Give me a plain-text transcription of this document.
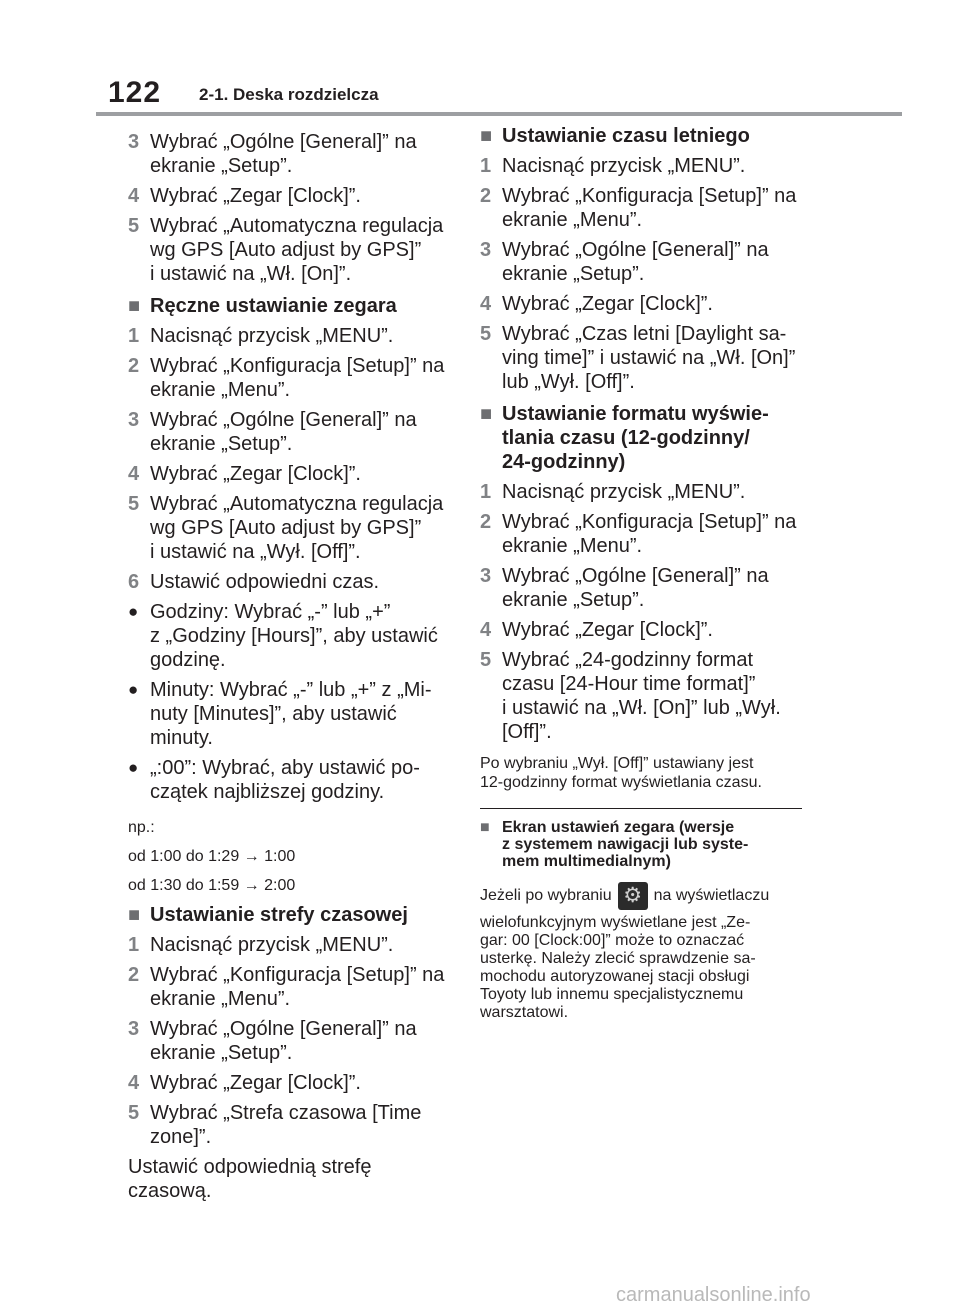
122 2-1. Deska rozdzielcza
3 Wybrać „Ogólne [General]” na
ekranie „Setup”.
4 Wybrać „Zegar [Clock]”.
5 Wybrać „Automatyczna regulacja
wg GPS [Auto adjust by GPS]”
i ustawić na „Wł. [On]”.
■ Ręczne ustawianie zegara
1 Nacisnąć przycisk „MENU”.
2 Wybrać „Konfiguracja [Setup]” na
ekranie „Menu”.
3 Wybrać „Ogólne [General]” na
ekranie „Setup”.
4 Wybrać „Zegar [Clock]”.
5 Wybrać „Automatyczna regulacja
wg GPS [Auto adjust by GPS]”
i ustawić na „Wył. [Off]”.
6 Ustawić odpowiedni czas.
● Godziny: Wybrać „-” lub „+”
z „Godziny [Hours]”, aby ustawić
godzinę.
● Minuty: Wybrać „-” lub „+” z „Mi-
nuty [Minutes]”, aby ustawić
minuty.
● „:00”: Wybrać, aby ustawić po-
czątek najbliższej godziny.
np.:
od 1:00 do 1:29 → 1:00
od 1:30 do 1:59 → 2:00
■ Ustawianie strefy czasowej
1 Nacisnąć przycisk „MENU”.
2 Wybrać „Konfiguracja [Setup]” na
ekranie „Menu”.
3 Wybrać „Ogólne [General]” na
ekranie „Setup”.
4 Wybrać „Zegar [Clock]”.
5 Wybrać „Strefa czasowa [Time
zone]”.
Ustawić odpowiednią strefę czasową.
■ Ustawianie czasu letniego
1 Nacisnąć przycisk „MENU”.
2 Wybrać „Konfiguracja [Setup]” na
ekranie „Menu”.
3 Wybrać „Ogólne [General]” na
ekranie „Setup”.
4 Wybrać „Zegar [Clock]”.
5 Wybrać „Czas letni [Daylight sa-
ving time]” i ustawić na „Wł. [On]”
lub „Wył. [Off]”.
■ Ustawianie formatu wyświe-
tlania czasu (12-godzinny/
24-godzinny)
1 Nacisnąć przycisk „MENU”.
2 Wybrać „Konfiguracja [Setup]” na
ekranie „Menu”.
3 Wybrać „Ogólne [General]” na
ekranie „Setup”.
4 Wybrać „Zegar [Clock]”.
5 Wybrać „24-godzinny format
czasu [24-Hour time format]”
i ustawić na „Wł. [On]” lub „Wył.
[Off]”.
Po wybraniu „Wył. [Off]” ustawiany jest
12-godzinny format wyświetlania czasu.
■ Ekran ustawień zegara (wersje
z systemem nawigacji lub syste-
mem multimedialnym)
Jeżeli po wybraniu ⚙ na wyświetlaczu
wielofunkcyjnym wyświetlane jest „Ze-
gar: 00 [Clock:00]” może to oznaczać
usterkę. Należy zlecić sprawdzenie sa-
mochodu autoryzowanej stacji obsługi
Toyoty lub innemu specjalistycznemu
warsztatowi.
carmanualsonline.info
